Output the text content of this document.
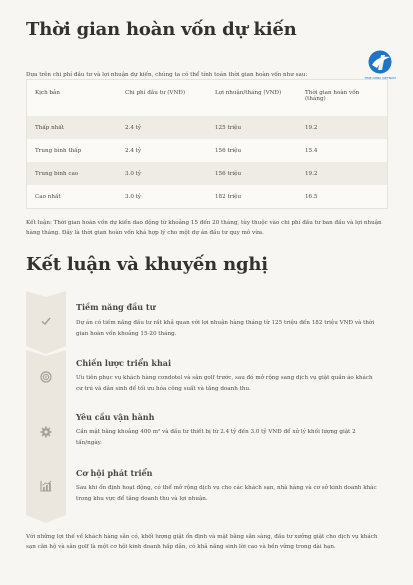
Thời gian hoàn vốn dự kiến

Dựa trên chi phí đầu tư và lợi nhuận dự kiến, chúng ta có thể tính toán thời gian hoàn vốn như sau:

Kịch bản	Chi phí đầu tư (VNĐ)	Lợi nhuận/tháng (VNĐ)	Thời gian hoàn vốn (tháng)
Thấp nhất	2.4 tỷ	125 triệu	19.2
Trung bình thấp	2.4 tỷ	156 triệu	15.4
Trung bình cao	3.0 tỷ	156 triệu	19.2
Cao nhất	3.0 tỷ	182 triệu	16.5

Kết luận: Thời gian hoàn vốn dự kiến dao động từ khoảng 15 đến 20 tháng, tùy thuộc vào chi phí đầu tư ban đầu và lợi nhuận hàng tháng. Đây là thời gian hoàn vốn khá hợp lý cho một dự án đầu tư quy mô vừa.

Kết luận và khuyến nghị
Tiềm năng đầu tư
Dự án có tiềm năng đầu tư rất khả quan với lợi nhuận hàng tháng từ 125 triệu đến 182 triệu VNĐ và thời gian hoàn vốn khoảng 15-20 tháng.
Chiến lược triển khai
Ưu tiên phục vụ khách hàng condotel và sân golf trước, sau đó mở rộng sang dịch vụ giặt quần áo khách cư trú và dân sinh để tối ưu hóa công suất và tăng doanh thu.
Yêu cầu vận hành
Cần mặt bằng khoảng 400 m² và đầu tư thiết bị từ 2.4 tỷ đến 3.0 tỷ VNĐ để xử lý khối lượng giặt 2 tấn/ngày.
Cơ hội phát triển
Sau khi ổn định hoạt động, có thể mở rộng dịch vụ cho các khách sạn, nhà hàng và cơ sở kinh doanh khác trong khu vực để tăng doanh thu và lợi nhuận.

Với những lợi thế về khách hàng sẵn có, khối lượng giặt ổn định và mặt bằng sẵn sàng, đầu tư xưởng giặt cho dịch vụ khách sạn căn hộ và sân golf là một cơ hội kinh doanh hấp dẫn, có khả năng sinh lời cao và bền vững trong dài hạn.

TIME OHBC VIETNAM
